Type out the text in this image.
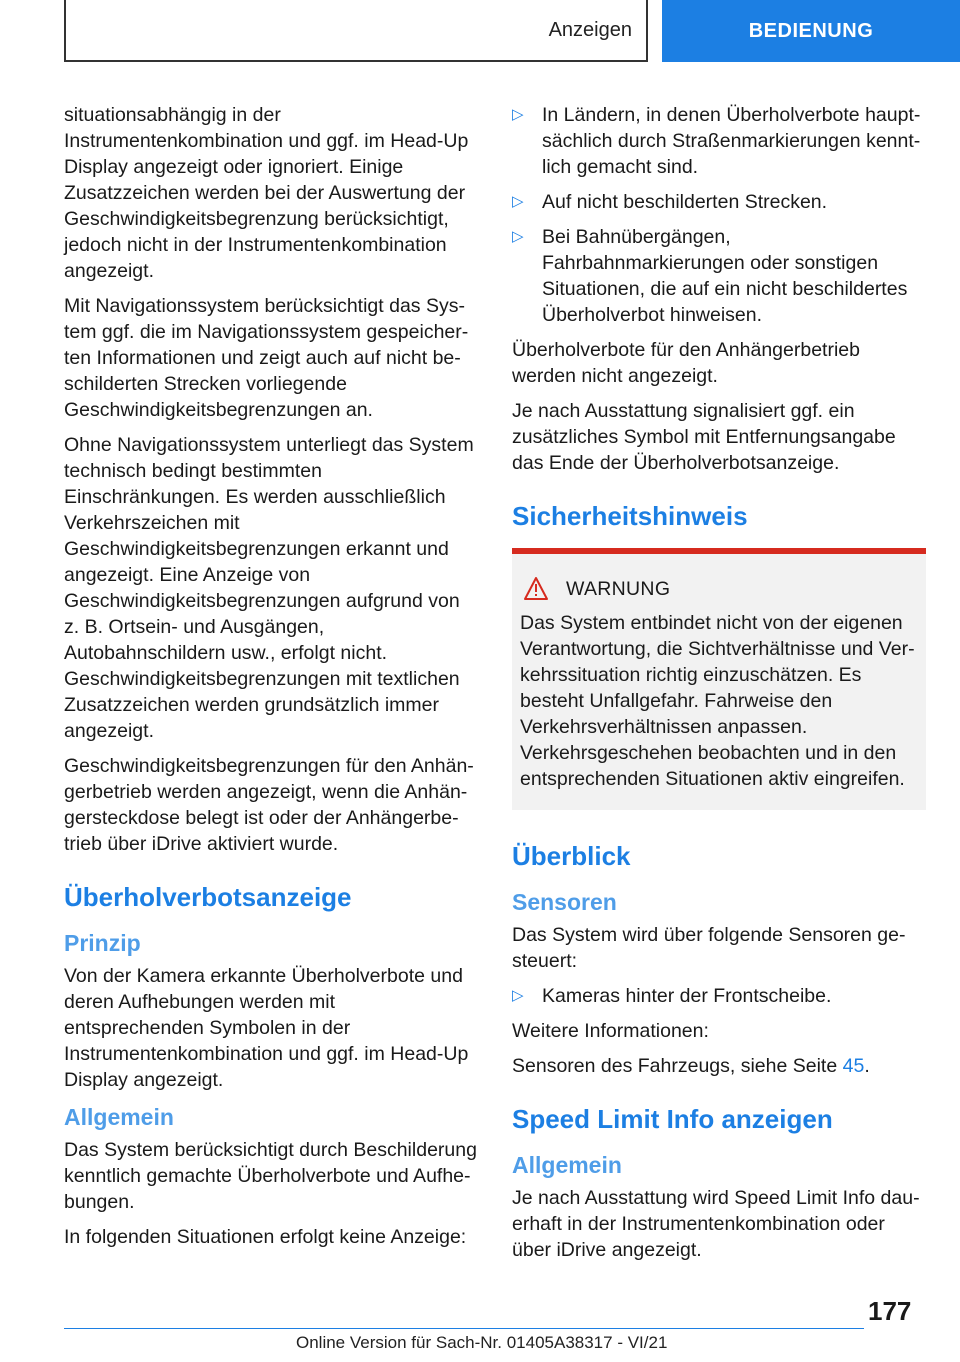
Anzeigen	BEDIENUNG

situationsabhängig in der Instrumentenkombination und ggf. im Head-Up Display angezeigt oder ignoriert. Einige Zusatzzeichen werden bei der Auswertung der Geschwindigkeitsbegrenzung berücksichtigt, jedoch nicht in der Instrumentenkombination angezeigt.

Mit Navigationssystem berücksichtigt das System ggf. die im Navigationssystem gespeicherten Informationen und zeigt auch auf nicht beschilderten Strecken vorliegende Geschwindigkeitsbegrenzungen an.

Ohne Navigationssystem unterliegt das System technisch bedingt bestimmten Einschränkungen. Es werden ausschließlich Verkehrszeichen mit Geschwindigkeitsbegrenzungen erkannt und angezeigt. Eine Anzeige von Geschwindigkeitsbegrenzungen aufgrund von z. B. Ortsein- und Ausgängen, Autobahnschildern usw., erfolgt nicht. Geschwindigkeitsbegrenzungen mit textlichen Zusatzzeichen werden grundsätzlich immer angezeigt.

Geschwindigkeitsbegrenzungen für den Anhängerbetrieb werden angezeigt, wenn die Anhängersteckdose belegt ist oder der Anhängerbetrieb über iDrive aktiviert wurde.

Überholverbotsanzeige
Prinzip

Von der Kamera erkannte Überholverbote und deren Aufhebungen werden mit entsprechenden Symbolen in der Instrumentenkombination und ggf. im Head-Up Display angezeigt.

Allgemein

Das System berücksichtigt durch Beschilderung kenntlich gemachte Überholverbote und Aufhebungen.

In folgenden Situationen erfolgt keine Anzeige:

▷ In Ländern, in denen Überholverbote hauptsächlich durch Straßenmarkierungen kenntlich gemacht sind.
▷ Auf nicht beschilderten Strecken.
▷ Bei Bahnübergängen, Fahrbahnmarkierungen oder sonstigen Situationen, die auf ein nicht beschildertes Überholverbot hinweisen.

Überholverbote für den Anhängerbetrieb werden nicht angezeigt.

Je nach Ausstattung signalisiert ggf. ein zusätzliches Symbol mit Entfernungsangabe das Ende der Überholverbotsanzeige.

Sicherheitshinweis
WARNUNG
Das System entbindet nicht von der eigenen Verantwortung, die Sichtverhältnisse und Verkehrssituation richtig einzuschätzen. Es besteht Unfallgefahr. Fahrweise den Verkehrsverhältnissen anpassen. Verkehrsgeschehen beobachten und in den entsprechenden Situationen aktiv eingreifen.
Überblick
Sensoren

Das System wird über folgende Sensoren gesteuert:

▷ Kameras hinter der Frontscheibe.

Weitere Informationen:

Sensoren des Fahrzeugs, siehe Seite 45.

Speed Limit Info anzeigen
Allgemein

Je nach Ausstattung wird Speed Limit Info dauerhaft in der Instrumentenkombination oder über iDrive angezeigt.

177
Online Version für Sach-Nr. 01405A38317 - VI/21
